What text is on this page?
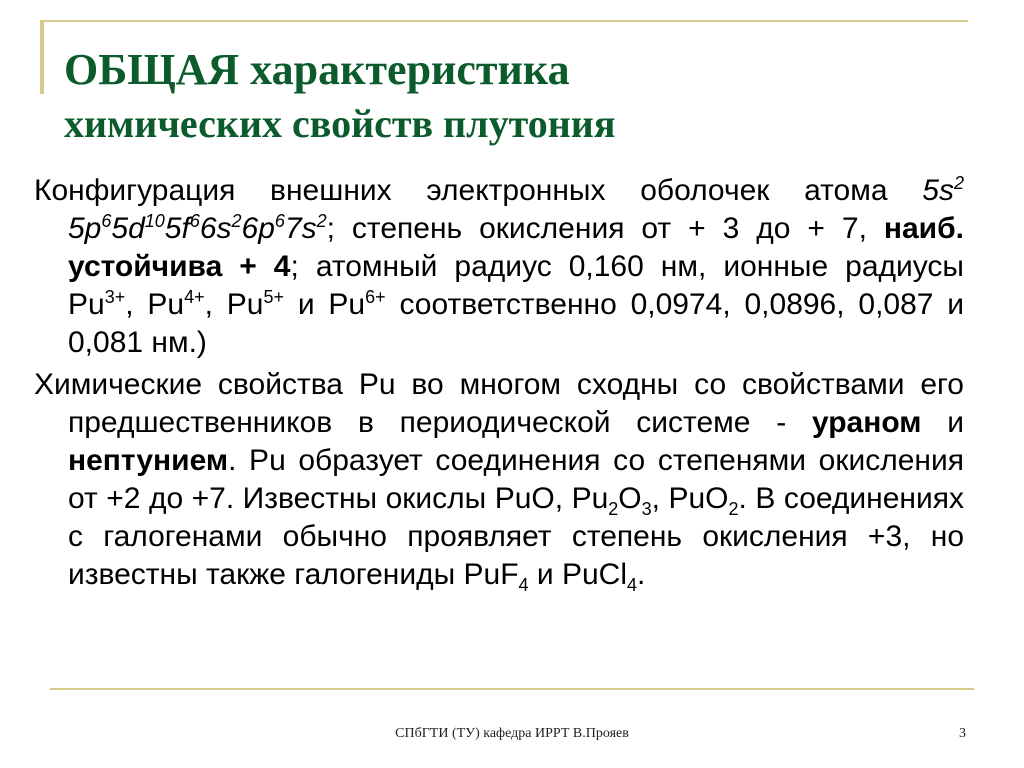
ОБЩАЯ характеристика
химических свойств плутония

Конфигурация внешних электронных оболочек атома $5s^2$ $5p^65d^{10}5f^66s^26p^67s^2$; степень окисления от + 3 до + 7, наиб. устойчива + 4; атомный радиус 0,160 нм, ионные радиусы $Pu^{3+}$, $Pu^{4+}$, $Pu^{5+}$ и $Pu^{6+}$ соответственно 0,0974, 0,0896, 0,087 и 0,081 нм.)

Химические свойства Pu во многом сходны со свойствами его предшественников в периодической системе - ураном и нептунием. Pu образует соединения со степенями окисления от +2 до +7. Известны окислы PuO, $Pu_2O_3$, PuO$_2$. В соединениях с галогенами обычно проявляет степень окисления +3, но известны также галогениды PuF$_4$ и PuCl$_4$.

СПбГТИ (ТУ) кафедра ИРРТ В.Прояев	3
